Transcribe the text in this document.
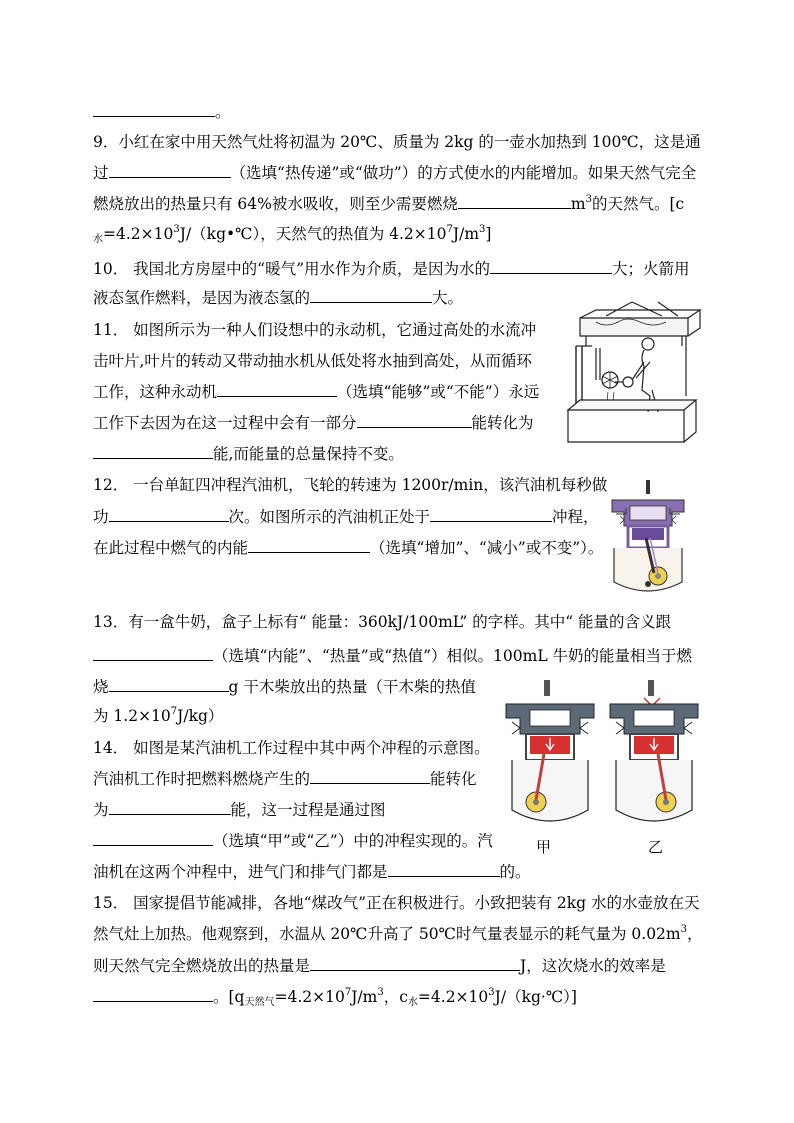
。
9．小红在家中用天然气灶将初温为 20℃、质量为 2kg 的一壶水加热到 100℃，这是通
过	（选填“热传递”或“做功”）的方式使水的内能增加。如果天然气完全
燃烧放出的热量只有 64%被水吸收，则至少需要燃烧	$m^3$的天然气。[c
$_水=4.2\times 10^3J/(kg•℃)$，天然气的热值为 $4.2\times 10^7J/m^3$]
10． 我国北方房屋中的“暖气”用水作为介质，是因为水的	大；火箭用
液态氢作燃料，是因为液态氢的	大。
11． 如图所示为一种人们设想中的永动机，它通过高处的水流冲
击叶片,叶片的转动又带动抽水机从低处将水抽到高处，从而循环
工作，这种永动机	（选填“能够”或“不能”）永远
工作下去因为在这一过程中会有一部分	能转化为
能,而能量的总量保持不变。
12． 一台单缸四冲程汽油机，飞轮的转速为 1200r/min，该汽油机每秒做
功	次。如图所示的汽油机正处于	冲程，
在此过程中燃气的内能	（选填“增加”、“减小”或不变”）。
13．有一盒牛奶，盒子上标有“ 能量：360kJ/100mL” 的字样。其中“ 能量的含义跟
（选填“内能”、“热量”或“热值”）相似。100mL 牛奶的能量相当于燃
烧	g 干木柴放出的热量（干木柴的热值
为 $1.2\times 10^7J/kg$）
14． 如图是某汽油机工作过程中其中两个冲程的示意图。
汽油机工作时把燃料燃烧产生的	能转化
为	能，这一过程是通过图
（选填“甲”或“乙”）中的冲程实现的。汽
油机在这两个冲程中，进气门和排气门都是	的。
甲	乙
15． 国家提倡节能减排，各地“煤改气”正在积极进行。小致把装有 2kg 水的水壶放在天
然气灶上加热。他观察到，水温从 20℃升高了 50℃时气量表显示的耗气量为 $0.02m^3$，
则天然气完全燃烧放出的热量是	J，这次烧水的效率是
。[$q_{天然气}=4.2\times 10^7J/m^3$，$c_水=4.2\times 10^3J/(kg\cdot℃)$]
